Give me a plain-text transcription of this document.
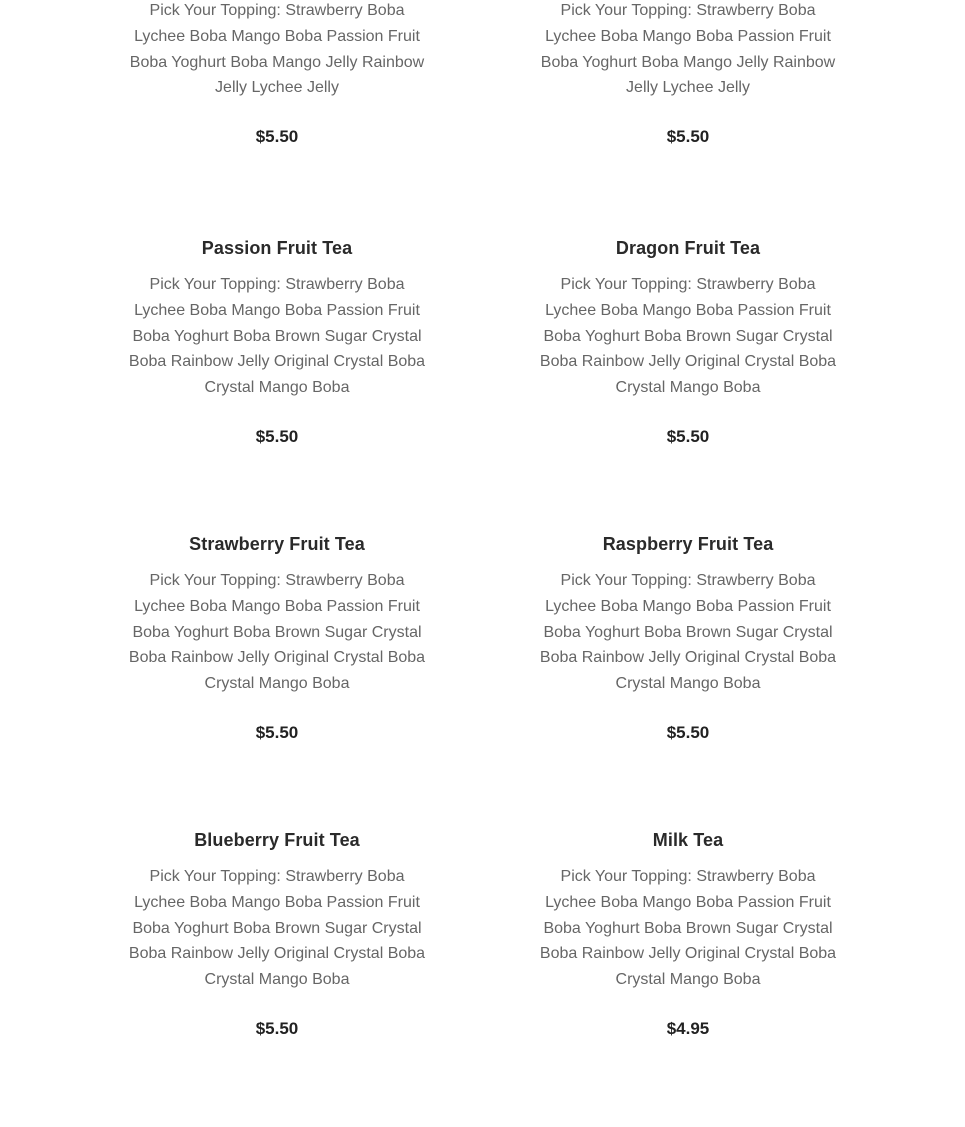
Pick Your Topping: Strawberry Boba Lychee Boba Mango Boba Passion Fruit Boba Yoghurt Boba Mango Jelly Rainbow Jelly Lychee Jelly

$5.50

Pick Your Topping: Strawberry Boba Lychee Boba Mango Boba Passion Fruit Boba Yoghurt Boba Mango Jelly Rainbow Jelly Lychee Jelly

$5.50

Passion Fruit Tea

Pick Your Topping: Strawberry Boba Lychee Boba Mango Boba Passion Fruit Boba Yoghurt Boba Brown Sugar Crystal Boba Rainbow Jelly Original Crystal Boba Crystal Mango Boba

$5.50

Dragon Fruit Tea

Pick Your Topping: Strawberry Boba Lychee Boba Mango Boba Passion Fruit Boba Yoghurt Boba Brown Sugar Crystal Boba Rainbow Jelly Original Crystal Boba Crystal Mango Boba

$5.50

Strawberry Fruit Tea

Pick Your Topping: Strawberry Boba Lychee Boba Mango Boba Passion Fruit Boba Yoghurt Boba Brown Sugar Crystal Boba Rainbow Jelly Original Crystal Boba Crystal Mango Boba

$5.50

Raspberry Fruit Tea

Pick Your Topping: Strawberry Boba Lychee Boba Mango Boba Passion Fruit Boba Yoghurt Boba Brown Sugar Crystal Boba Rainbow Jelly Original Crystal Boba Crystal Mango Boba

$5.50

Blueberry Fruit Tea

Pick Your Topping: Strawberry Boba Lychee Boba Mango Boba Passion Fruit Boba Yoghurt Boba Brown Sugar Crystal Boba Rainbow Jelly Original Crystal Boba Crystal Mango Boba

$5.50

Milk Tea

Pick Your Topping: Strawberry Boba Lychee Boba Mango Boba Passion Fruit Boba Yoghurt Boba Brown Sugar Crystal Boba Rainbow Jelly Original Crystal Boba Crystal Mango Boba

$4.95
